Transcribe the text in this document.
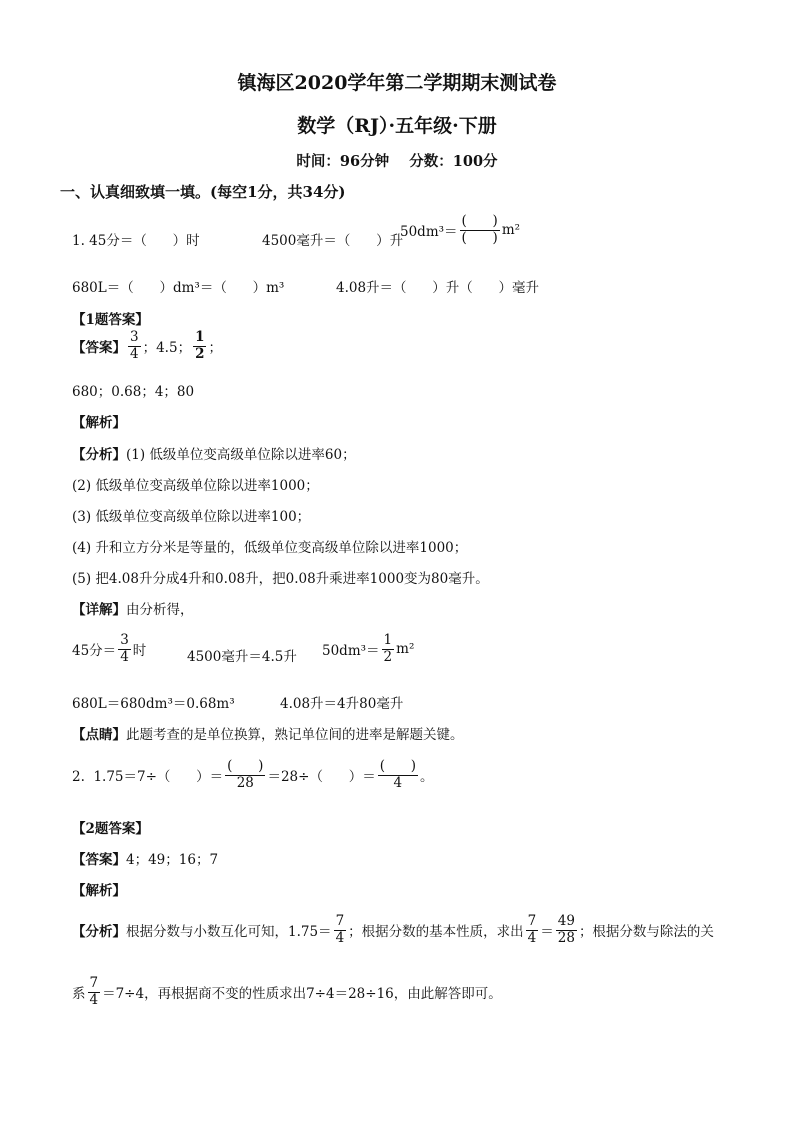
镇海区2020学年第二学期期末测试卷
数学（RJ）·五年级·下册
时间：96分钟    分数：100分
一、认真细致填一填。(每空1分，共34分)
1. 45分＝（      ）时	4500毫升＝（      ）升
$50dm^3= \frac{( )}{( )} m^2$
680L＝（      ）dm³＝（      ）m³	4.08升＝（      ）升（      ）毫升
【1题答案】
【答案】 $\frac{3}{4}$ ；4.5； $\frac{1}{2}$ ；
680；0.68；4；80
【解析】
【分析】(1) 低级单位变高级单位除以进率60；
(2) 低级单位变高级单位除以进率1000；
(3) 低级单位变高级单位除以进率100；
(4) 升和立方分米是等量的，低级单位变高级单位除以进率1000；
(5) 把4.08升分成4升和0.08升，把0.08升乘进率1000变为80毫升。
【详解】由分析得，
45分＝ $\frac{3}{4}$ 时	4500毫升＝4.5升 $50dm^3= \frac{1}{2} m^2$
680L＝680dm³＝0.68m³	4.08升＝4升80毫升
【点睛】此题考查的是单位换算，熟记单位间的进率是解题关键。
2.  1.75＝7÷（      ）＝ $\frac{( )}{28} =28\div$（      ）＝ $\frac{( )}{4}$ 。
【2题答案】
【答案】4；49；16；7
【解析】
【分析】根据分数与小数互化可知，$1.75= \frac{7}{4}$ ；根据分数的基本性质，求出 $\frac{7}{4} = \frac{49}{28}$ ；根据分数与除法的关
系 $\frac{7}{4} =7\div 4$，再根据商不变的性质求出7÷4＝28÷16，由此解答即可。
